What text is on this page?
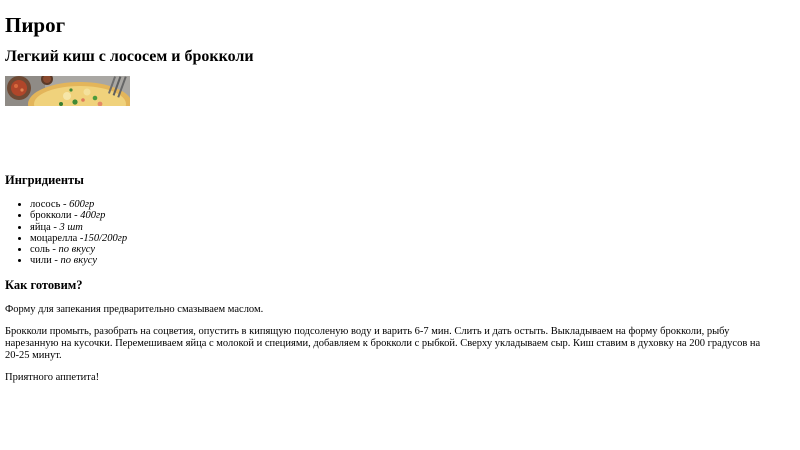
Пирог
Легкий киш с лососем и брокколи
Ингридиенты
• лосось - 600гр
• брокколи - 400гр
• яйца - 3 шт
• моцарелла -150/200гр
• соль - по вкусу
• чили - по вкусу
Как готовим?

Форму для запекания предварительно смазываем маслом.

Брокколи промыть, разобрать на соцветия, опустить в кипящую подсоленую воду и варить 6-7 мин. Слить и дать остыть. Выкладываем на форму брокколи, рыбу нарезанную на кусочки. Перемешиваем яйца с молокой и специями, добавляем к брокколи с рыбкой. Сверху укладываем сыр. Киш ставим в духовку на 200 градусов на 20-25 минут.

Приятного аппетита!
